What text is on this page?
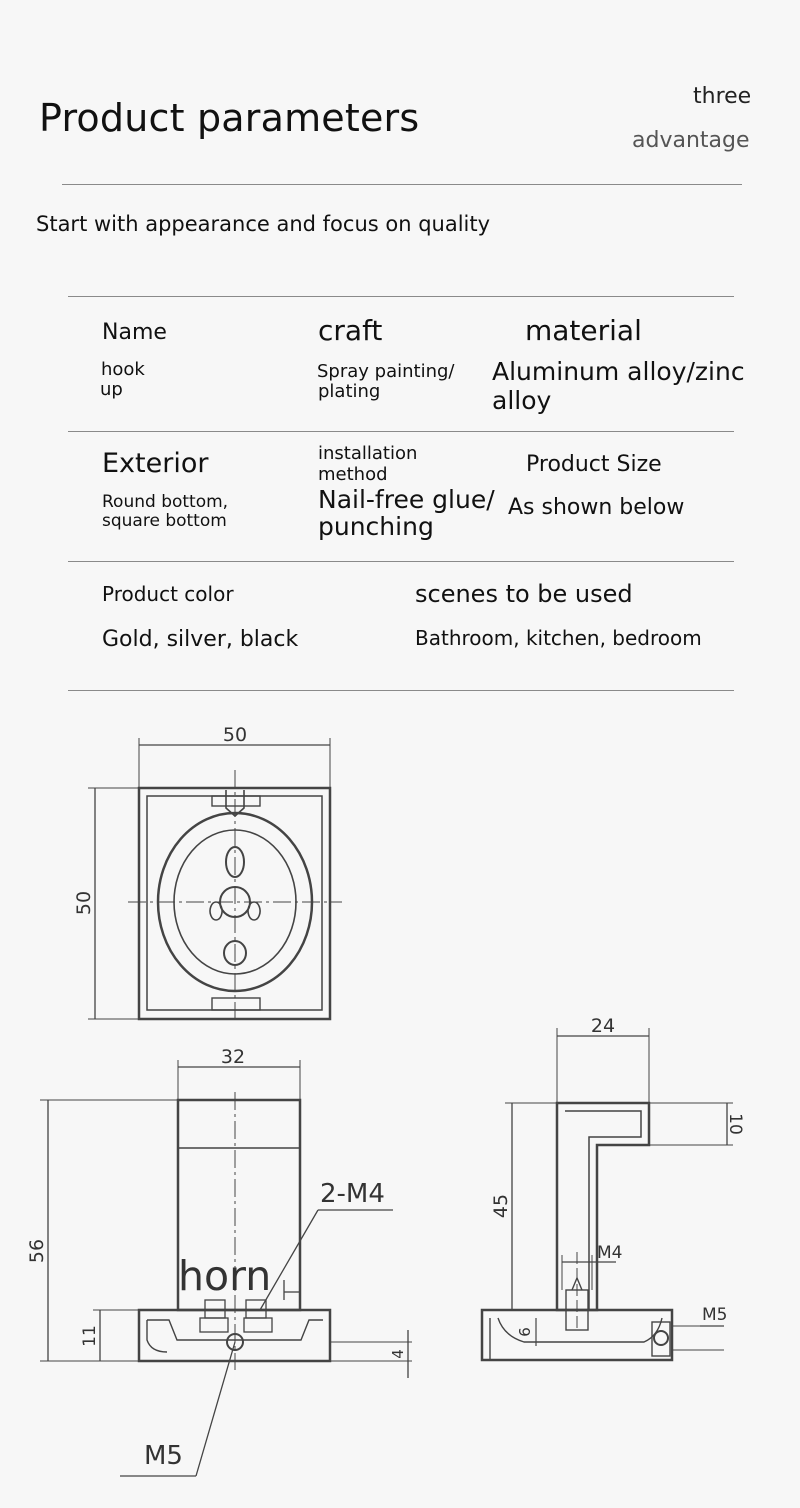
Product parameters	three
advantage
Start with appearance and focus on quality
Name
hook
up
craft
Spray painting/
plating
material
Aluminum alloy/zinc
alloy
Exterior
Round bottom,
square bottom
installation
method
Nail-free glue/
punching
Product Size
As shown below
Product color
Gold, silver, black
scenes to be used
Bathroom, kitchen, bedroom
50
50
32
56
11
4
2-M4
M5
horn
24
45
10
M4
M5
6
